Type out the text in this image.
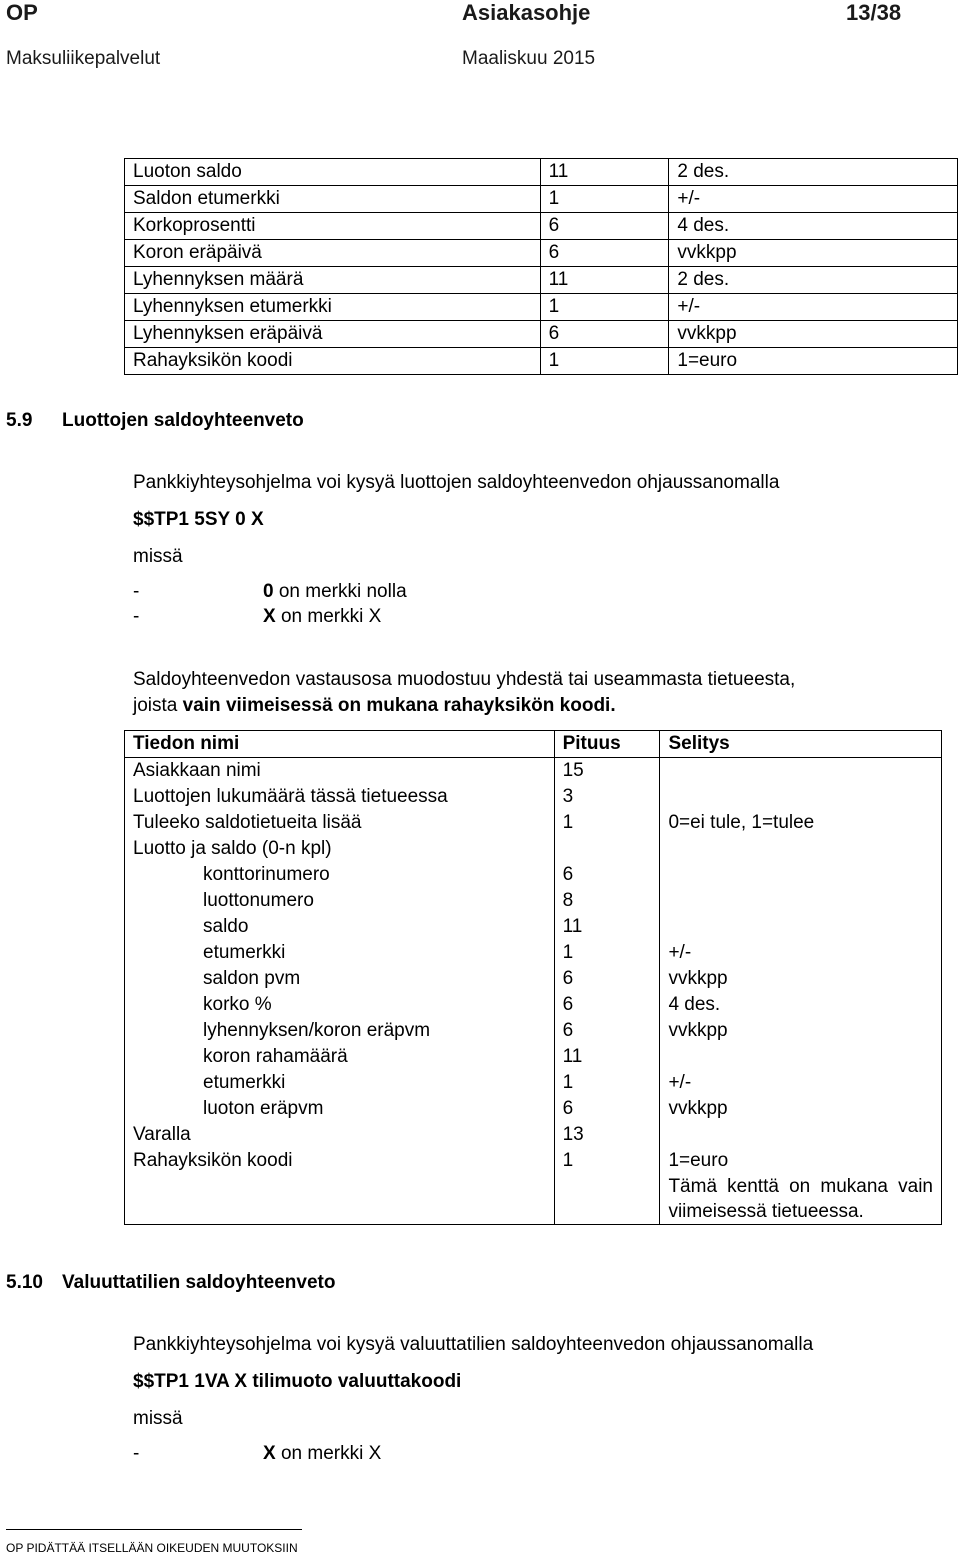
OP	Asiakasohje	13/38
Maksuliikepalvelut	Maaliskuu 2015
Luoton saldo	11	2 des.
Saldon etumerkki	1	+/-
Korkoprosentti	6	4 des.
Koron eräpäivä	6	vvkkpp
Lyhennyksen määrä	11	2 des.
Lyhennyksen etumerkki	1	+/-
Lyhennyksen eräpäivä	6	vvkkpp
Rahayksikön koodi	1	1=euro
5.9 Luottojen saldoyhteenveto
Pankkiyhteysohjelma voi kysyä luottojen saldoyhteenvedon ohjaussanomalla
$$TP1 5SY 0 X
missä
-	0 on merkki nolla
-	X on merkki X
Saldoyhteenvedon vastausosa muodostuu yhdestä tai useammasta tietueesta,
joista vain viimeisessä on mukana rahayksikön koodi.
Tiedon nimi	Pituus	Selitys
Asiakkaan nimi	15	
Luottojen lukumäärä tässä tietueessa	3	
Tuleeko saldotietueita lisää	1	0=ei tule, 1=tulee
Luotto ja saldo (0-n kpl)		
konttorinumero	6	
luottonumero	8	
saldo	11	
etumerkki	1	+/-
saldon pvm	6	vvkkpp
korko %	6	4 des.
lyhennyksen/koron eräpvm	6	vvkkpp
koron rahamäärä	11	
etumerkki	1	+/-
luoton eräpvm	6	vvkkpp
Varalla	13	
Rahayksikön koodi	1	1=euro
Tämä kenttä on mukana vain viimeisessä tietueessa.
5.10 Valuuttatilien saldoyhteenveto
Pankkiyhteysohjelma voi kysyä valuuttatilien saldoyhteenvedon ohjaussanomalla
$$TP1 1VA X tilimuoto valuuttakoodi
missä
-	X on merkki X
OP PIDÄTTÄÄ ITSELLÄÄN OIKEUDEN MUUTOKSIIN
